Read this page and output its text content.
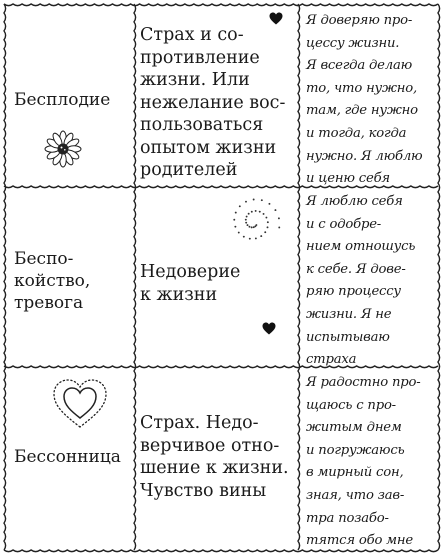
Бесплодие
Страх и со-
противление
жизни. Или
нежелание вос-
пользоваться
опытом жизни
родителей
Я доверяю про-
цессу жизни.
Я всегда делаю
то, что нужно,
там, где нужно
и тогда, когда
нужно. Я люблю
и ценю себя
Беспо-
койство,
тревога
Недоверие
к жизни
Я люблю себя
и с одобре-
нием отношусь
к себе. Я дове-
ряю процессу
жизни. Я не
испытываю
страха
Бессонница
Страх. Недо-
верчивое отно-
шение к жизни.
Чувство вины
Я радостно про-
щаюсь с про-
житым днем
и погружаюсь
в мирный сон,
зная, что зав-
тра позабо-
тятся обо мне
